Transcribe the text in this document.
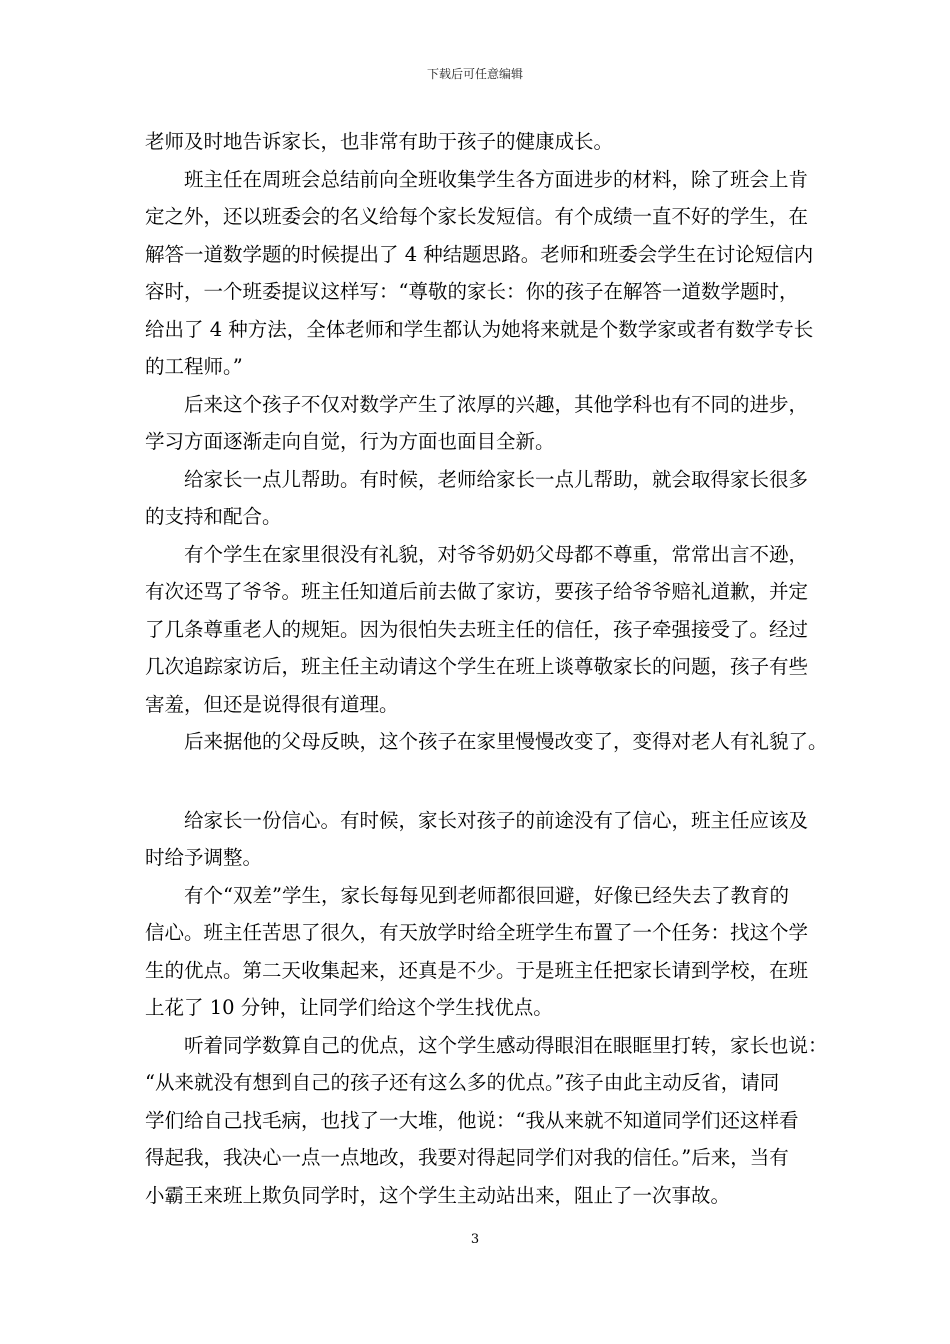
下载后可任意编辑

老师及时地告诉家长，也非常有助于孩子的健康成长。

班主任在周班会总结前向全班收集学生各方面进步的材料，除了班会上肯
定之外，还以班委会的名义给每个家长发短信。有个成绩一直不好的学生，在
解答一道数学题的时候提出了 4 种结题思路。老师和班委会学生在讨论短信内
容时，一个班委提议这样写：“尊敬的家长：你的孩子在解答一道数学题时，
给出了 4 种方法，全体老师和学生都认为她将来就是个数学家或者有数学专长
的工程师。”

后来这个孩子不仅对数学产生了浓厚的兴趣，其他学科也有不同的进步，
学习方面逐渐走向自觉，行为方面也面目全新。

给家长一点儿帮助。有时候，老师给家长一点儿帮助，就会取得家长很多
的支持和配合。

有个学生在家里很没有礼貌，对爷爷奶奶父母都不尊重，常常出言不逊，
有次还骂了爷爷。班主任知道后前去做了家访，要孩子给爷爷赔礼道歉，并定
了几条尊重老人的规矩。因为很怕失去班主任的信任，孩子牵强接受了。经过
几次追踪家访后，班主任主动请这个学生在班上谈尊敬家长的问题，孩子有些
害羞，但还是说得很有道理。

后来据他的父母反映，这个孩子在家里慢慢改变了，变得对老人有礼貌了。

给家长一份信心。有时候，家长对孩子的前途没有了信心，班主任应该及
时给予调整。

有个“双差”学生，家长每每见到老师都很回避，好像已经失去了教育的
信心。班主任苦思了很久，有天放学时给全班学生布置了一个任务：找这个学
生的优点。第二天收集起来，还真是不少。于是班主任把家长请到学校，在班
上花了 10 分钟，让同学们给这个学生找优点。

听着同学数算自己的优点，这个学生感动得眼泪在眼眶里打转，家长也说：
“从来就没有想到自己的孩子还有这么多的优点。”孩子由此主动反省，请同
学们给自己找毛病，也找了一大堆，他说：“我从来就不知道同学们还这样看
得起我，我决心一点一点地改，我要对得起同学们对我的信任。”后来，当有
小霸王来班上欺负同学时，这个学生主动站出来，阻止了一次事故。

3
